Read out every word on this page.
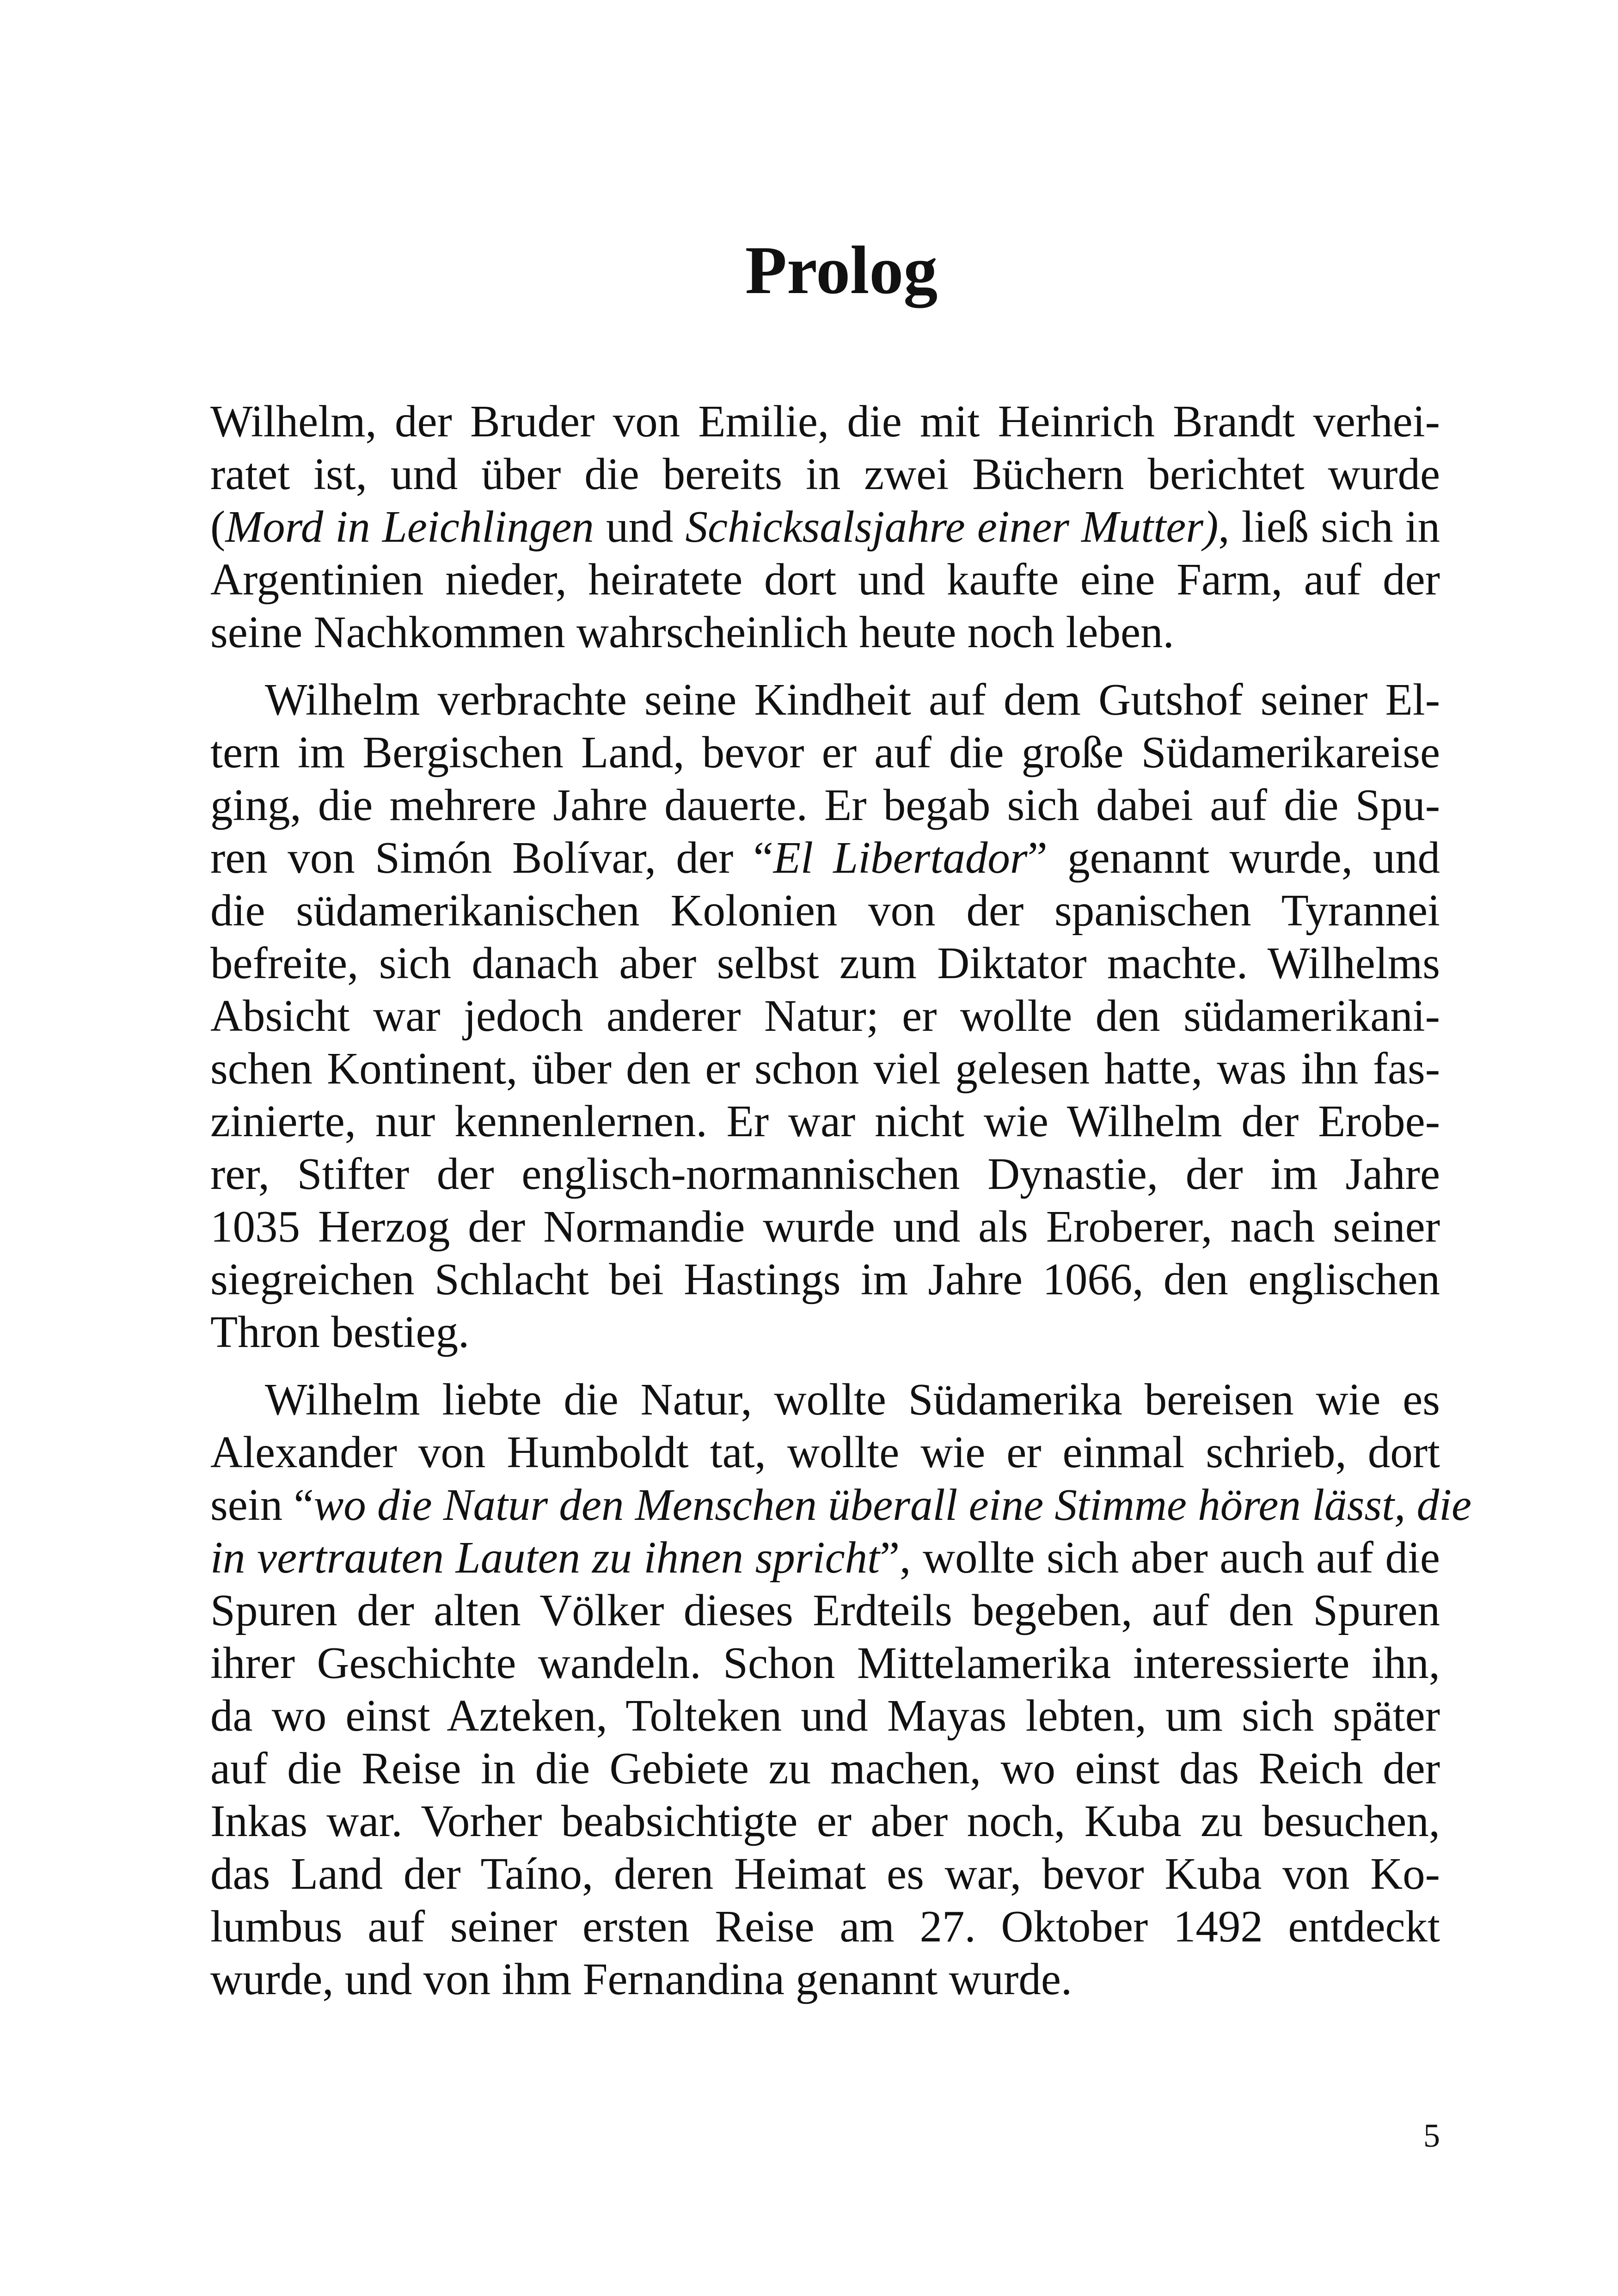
Prolog
Wilhelm, der Bruder von Emilie, die mit Heinrich Brandt verhei-
ratet ist, und über die bereits in zwei Büchern berichtet wurde
(Mord in Leichlingen und Schicksalsjahre einer Mutter), ließ sich in
Argentinien nieder, heiratete dort und kaufte eine Farm, auf der
seine Nachkommen wahrscheinlich heute noch leben.
Wilhelm verbrachte seine Kindheit auf dem Gutshof seiner El-
tern im Bergischen Land, bevor er auf die große Südamerikareise
ging, die mehrere Jahre dauerte. Er begab sich dabei auf die Spu-
ren von Simón Bolívar, der “El Libertador” genannt wurde, und
die südamerikanischen Kolonien von der spanischen Tyrannei
befreite, sich danach aber selbst zum Diktator machte. Wilhelms
Absicht war jedoch anderer Natur; er wollte den südamerikani-
schen Kontinent, über den er schon viel gelesen hatte, was ihn fas-
zinierte, nur kennenlernen. Er war nicht wie Wilhelm der Erobe-
rer, Stifter der englisch-normannischen Dynastie, der im Jahre
1035 Herzog der Normandie wurde und als Eroberer, nach seiner
siegreichen Schlacht bei Hastings im Jahre 1066, den englischen
Thron bestieg.
Wilhelm liebte die Natur, wollte Südamerika bereisen wie es
Alexander von Humboldt tat, wollte wie er einmal schrieb, dort
sein “wo die Natur den Menschen überall eine Stimme hören lässt, die
in vertrauten Lauten zu ihnen spricht”, wollte sich aber auch auf die
Spuren der alten Völker dieses Erdteils begeben, auf den Spuren
ihrer Geschichte wandeln. Schon Mittelamerika interessierte ihn,
da wo einst Azteken, Tolteken und Mayas lebten, um sich später
auf die Reise in die Gebiete zu machen, wo einst das Reich der
Inkas war. Vorher beabsichtigte er aber noch, Kuba zu besuchen,
das Land der Taíno, deren Heimat es war, bevor Kuba von Ko-
lumbus auf seiner ersten Reise am 27. Oktober 1492 entdeckt
wurde, und von ihm Fernandina genannt wurde.
5
